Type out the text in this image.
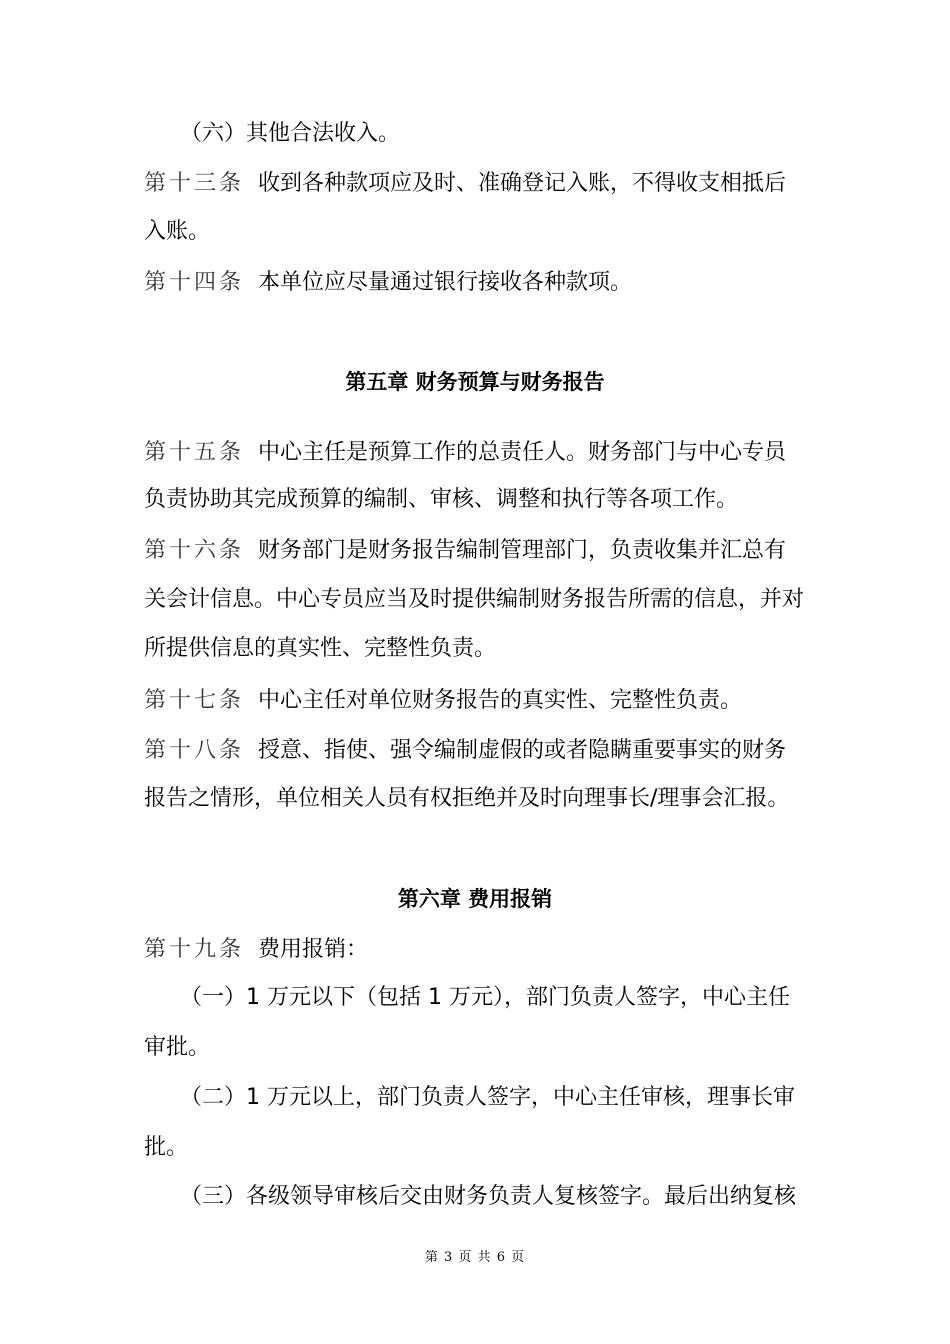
（六）其他合法收入。
第十三条 收到各种款项应及时、准确登记入账，不得收支相抵后
入账。
第十四条 本单位应尽量通过银行接收各种款项。
第五章 财务预算与财务报告
第十五条 中心主任是预算工作的总责任人。财务部门与中心专员
负责协助其完成预算的编制、审核、调整和执行等各项工作。
第十六条 财务部门是财务报告编制管理部门，负责收集并汇总有
关会计信息。中心专员应当及时提供编制财务报告所需的信息，并对
所提供信息的真实性、完整性负责。
第十七条 中心主任对单位财务报告的真实性、完整性负责。
第十八条 授意、指使、强令编制虚假的或者隐瞒重要事实的财务
报告之情形，单位相关人员有权拒绝并及时向理事长/理事会汇报。
第六章 费用报销
第十九条 费用报销：
（一）1 万元以下（包括 1 万元），部门负责人签字，中心主任
审批。
（二）1 万元以上，部门负责人签字，中心主任审核，理事长审
批。
（三）各级领导审核后交由财务负责人复核签字。最后出纳复核
第 3 页 共 6 页
